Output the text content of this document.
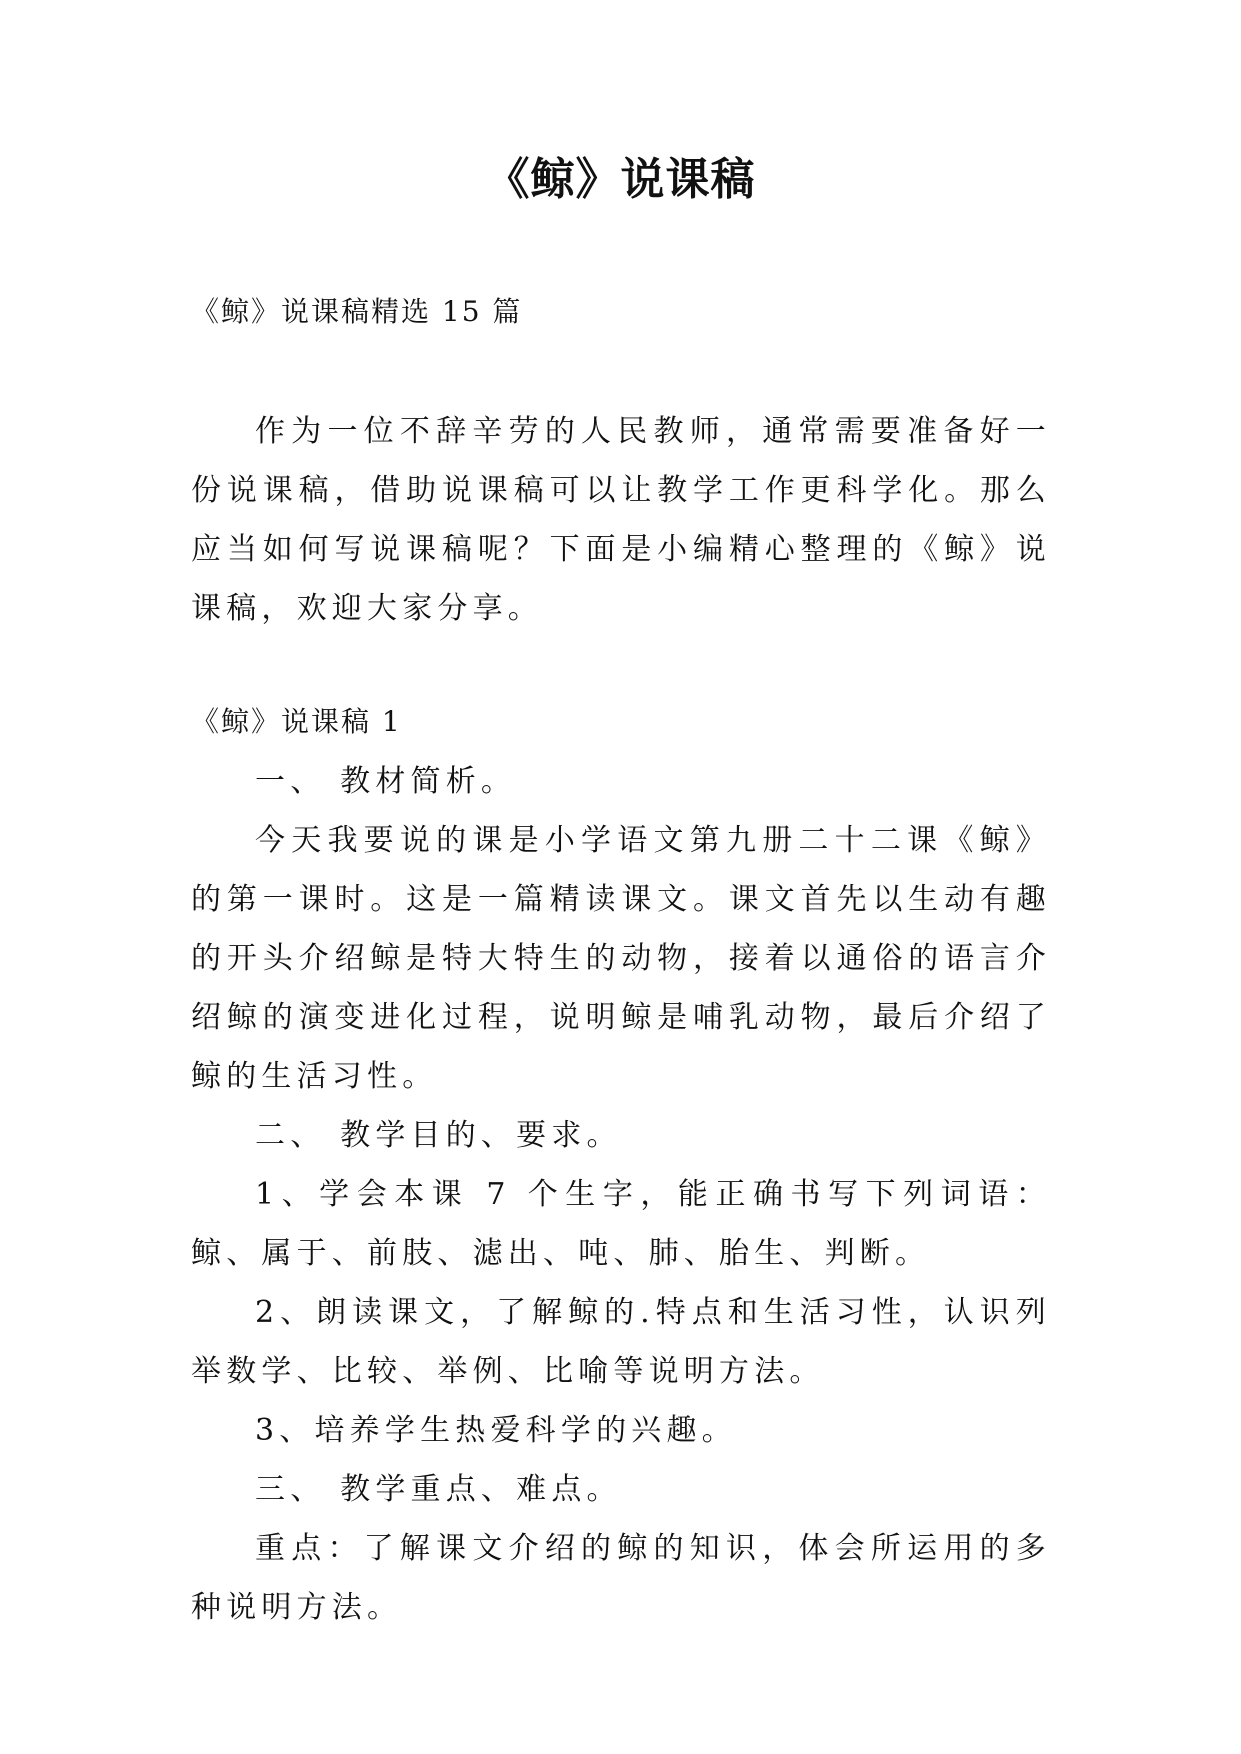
《鲸》说课稿
《鲸》说课稿精选 15 篇
作为一位不辞辛劳的人民教师，通常需要准备好一份说课稿，借助说课稿可以让教学工作更科学化。那么应当如何写说课稿呢？下面是小编精心整理的《鲸》说课稿，欢迎大家分享。
《鲸》说课稿 1

一、 教材简析。

今天我要说的课是小学语文第九册二十二课《鲸》的第一课时。这是一篇精读课文。课文首先以生动有趣的开头介绍鲸是特大特生的动物，接着以通俗的语言介绍鲸的演变进化过程，说明鲸是哺乳动物，最后介绍了鲸的生活习性。

二、 教学目的、要求。

1、学会本课 7 个生字，能正确书写下列词语：鲸、属于、前肢、滤出、吨、肺、胎生、判断。

2、朗读课文，了解鲸的.特点和生活习性，认识列举数学、比较、举例、比喻等说明方法。

3、培养学生热爱科学的兴趣。

三、 教学重点、难点。

重点：了解课文介绍的鲸的知识，体会所运用的多种说明方法。
